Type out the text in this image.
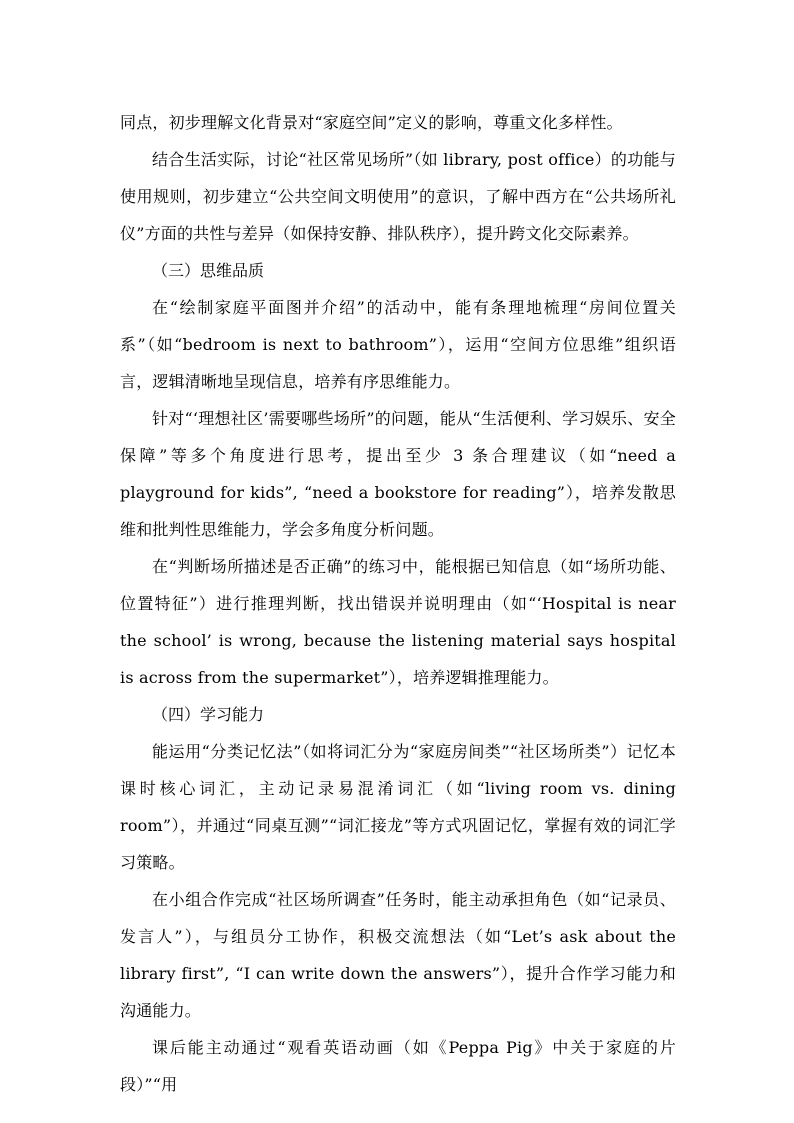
同点，初步理解文化背景对“家庭空间”定义的影响，尊重文化多样性。

结合生活实际，讨论“社区常见场所”（如 library, post office）的功能与使用规则，初步建立“公共空间文明使用”的意识，了解中西方在“公共场所礼仪”方面的共性与差异（如保持安静、排队秩序），提升跨文化交际素养。

（三）思维品质

在“绘制家庭平面图并介绍”的活动中，能有条理地梳理“房间位置关系”（如“bedroom is next to bathroom”），运用“空间方位思维”组织语言，逻辑清晰地呈现信息，培养有序思维能力。

针对“‘理想社区’需要哪些场所”的问题，能从“生活便利、学习娱乐、安全保障”等多个角度进行思考，提出至少 3 条合理建议（如“need a playground for kids”, “need a bookstore for reading”），培养发散思维和批判性思维能力，学会多角度分析问题。

在“判断场所描述是否正确”的练习中，能根据已知信息（如“场所功能、位置特征”）进行推理判断，找出错误并说明理由（如“‘Hospital is near the school’ is wrong, because the listening material says hospital is across from the supermarket”），培养逻辑推理能力。

（四）学习能力

能运用“分类记忆法”（如将词汇分为“家庭房间类”“社区场所类”）记忆本课时核心词汇，主动记录易混淆词汇（如“living room vs. dining room”），并通过“同桌互测”“词汇接龙”等方式巩固记忆，掌握有效的词汇学习策略。

在小组合作完成“社区场所调查”任务时，能主动承担角色（如“记录员、发言人”），与组员分工协作，积极交流想法（如“Let’s ask about the library first”, “I can write down the answers”），提升合作学习能力和沟通能力。

课后能主动通过“观看英语动画（如《Peppa Pig》中关于家庭的片段）”“用
